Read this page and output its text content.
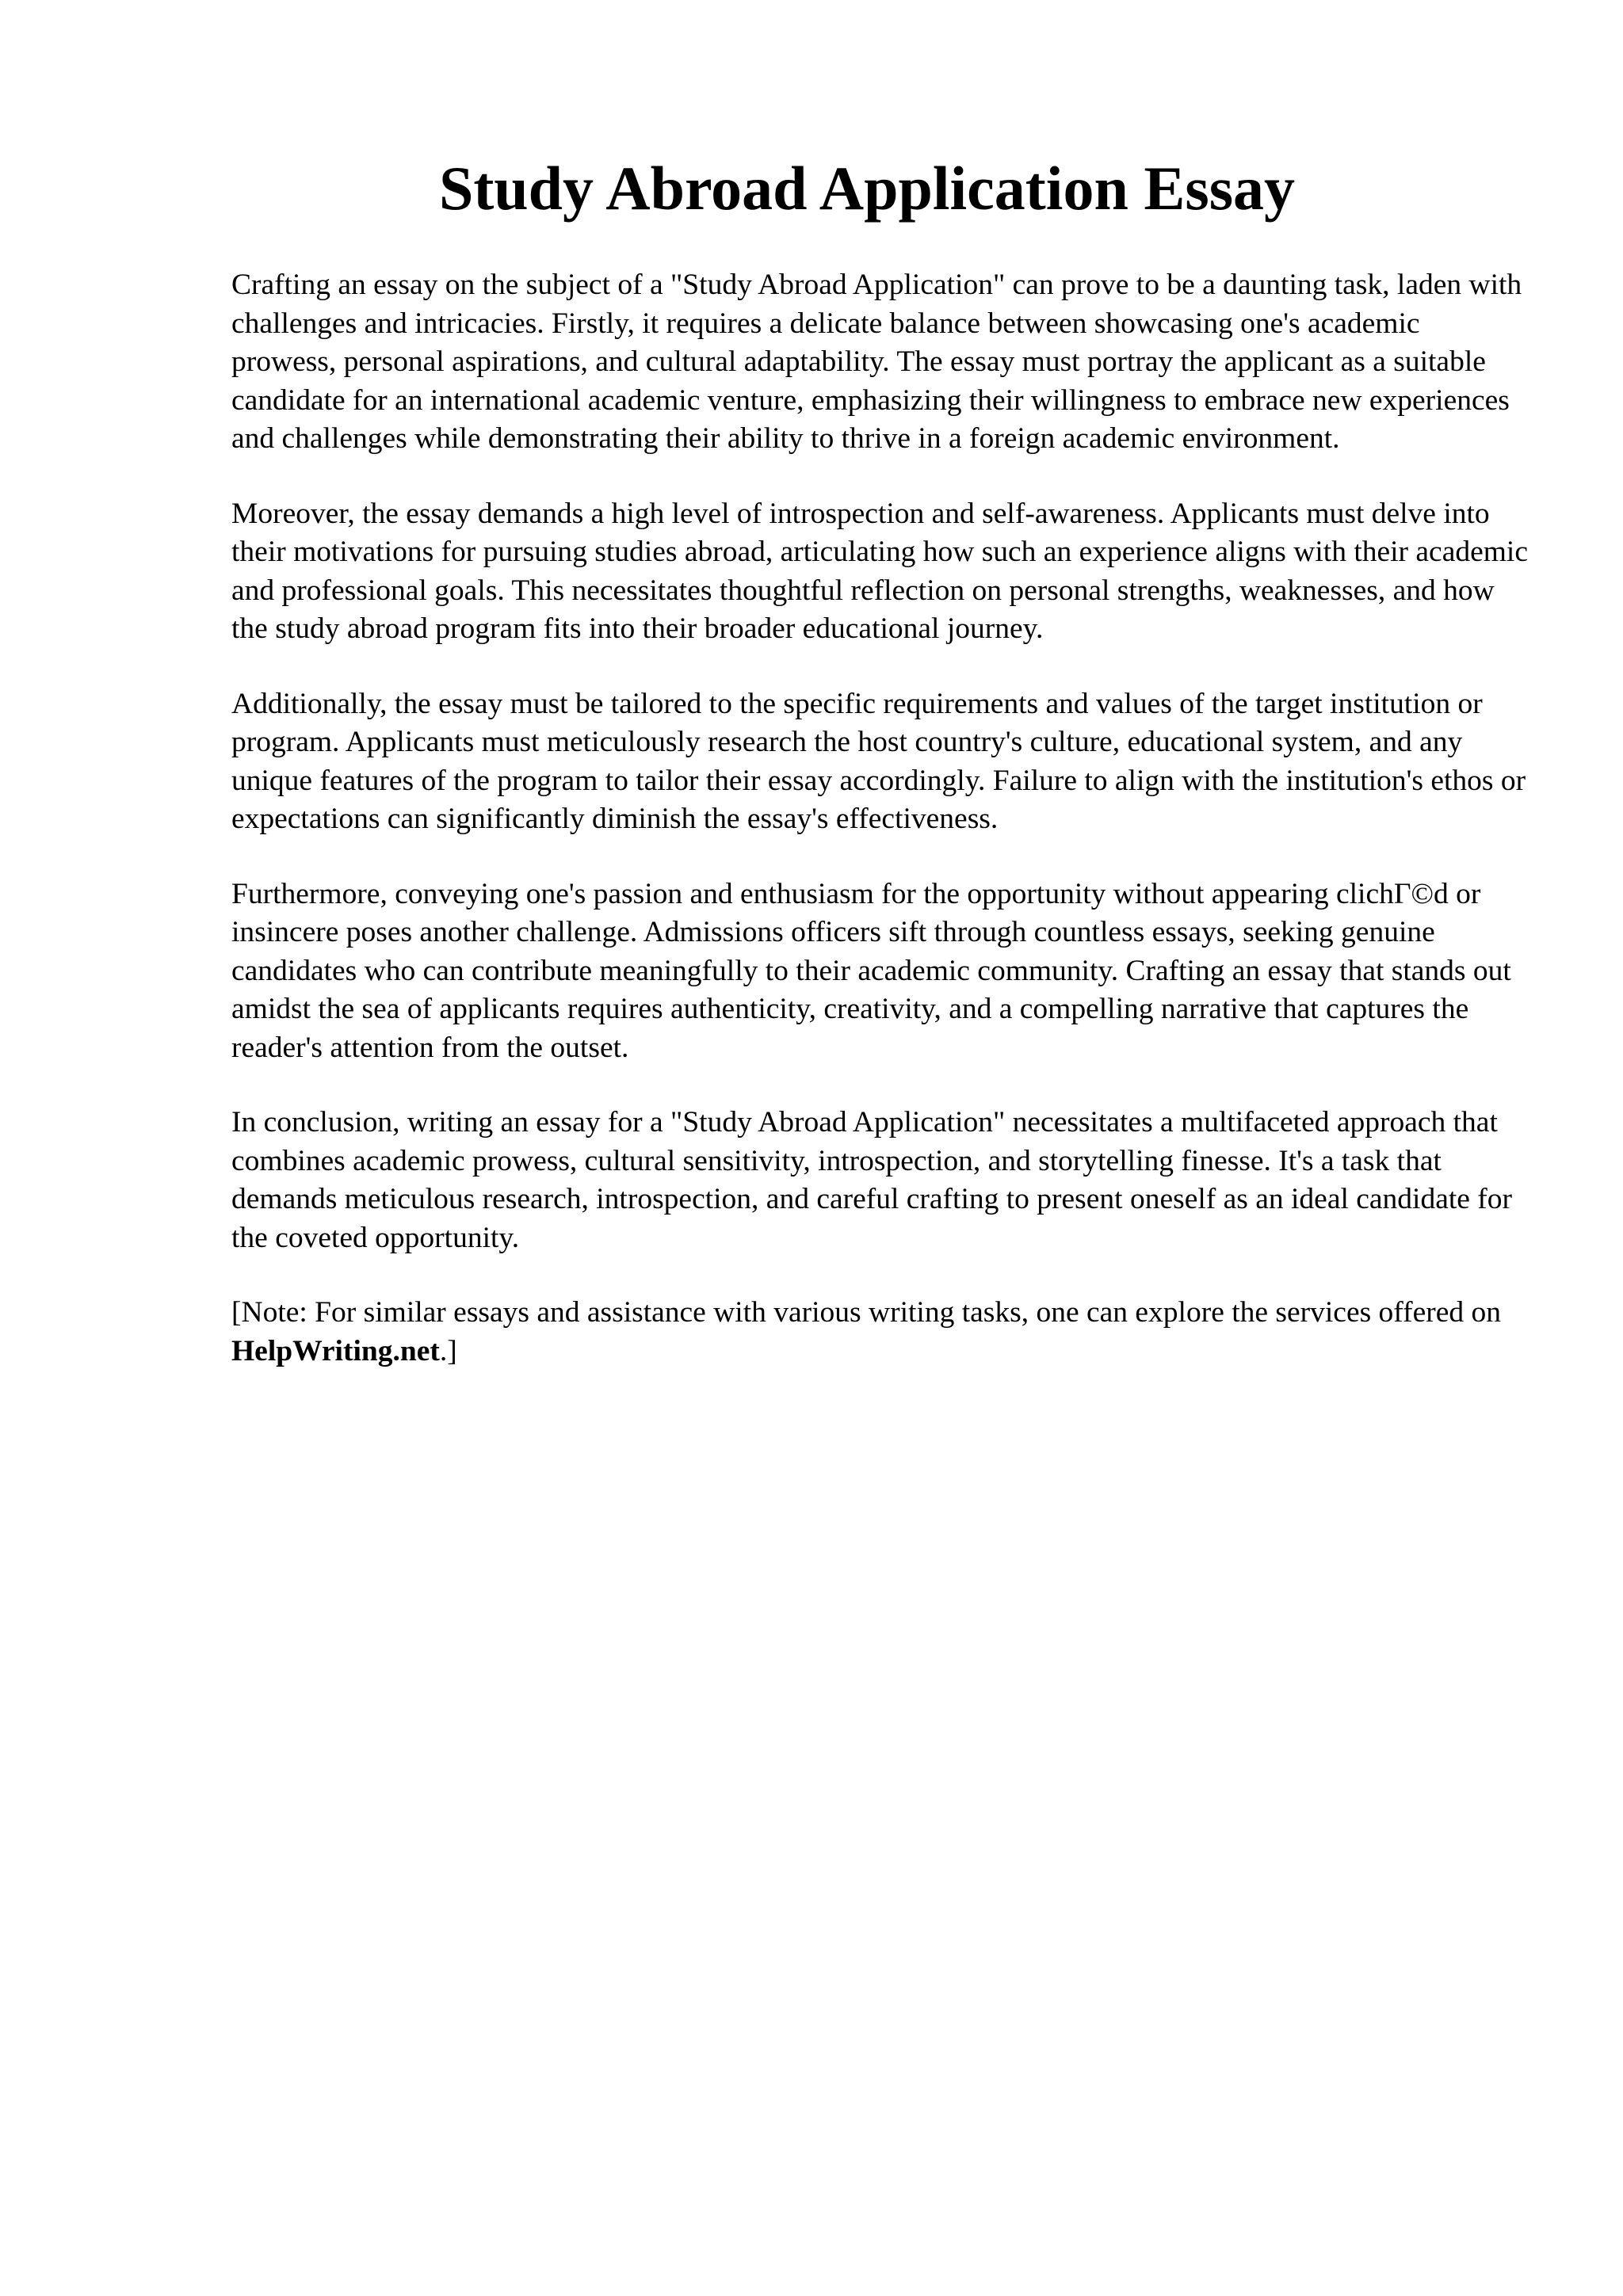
Study Abroad Application Essay

Crafting an essay on the subject of a "Study Abroad Application" can prove to be a daunting task, laden with challenges and intricacies. Firstly, it requires a delicate balance between showcasing one's academic prowess, personal aspirations, and cultural adaptability. The essay must portray the applicant as a suitable candidate for an international academic venture, emphasizing their willingness to embrace new experiences and challenges while demonstrating their ability to thrive in a foreign academic environment.

Moreover, the essay demands a high level of introspection and self-awareness. Applicants must delve into their motivations for pursuing studies abroad, articulating how such an experience aligns with their academic and professional goals. This necessitates thoughtful reflection on personal strengths, weaknesses, and how the study abroad program fits into their broader educational journey.

Additionally, the essay must be tailored to the specific requirements and values of the target institution or program. Applicants must meticulously research the host country's culture, educational system, and any unique features of the program to tailor their essay accordingly. Failure to align with the institution's ethos or expectations can significantly diminish the essay's effectiveness.

Furthermore, conveying one's passion and enthusiasm for the opportunity without appearing clichΓ©d or insincere poses another challenge. Admissions officers sift through countless essays, seeking genuine candidates who can contribute meaningfully to their academic community. Crafting an essay that stands out amidst the sea of applicants requires authenticity, creativity, and a compelling narrative that captures the reader's attention from the outset.

In conclusion, writing an essay for a "Study Abroad Application" necessitates a multifaceted approach that combines academic prowess, cultural sensitivity, introspection, and storytelling finesse. It's a task that demands meticulous research, introspection, and careful crafting to present oneself as an ideal candidate for the coveted opportunity.

[Note: For similar essays and assistance with various writing tasks, one can explore the services offered on HelpWriting.net.]
